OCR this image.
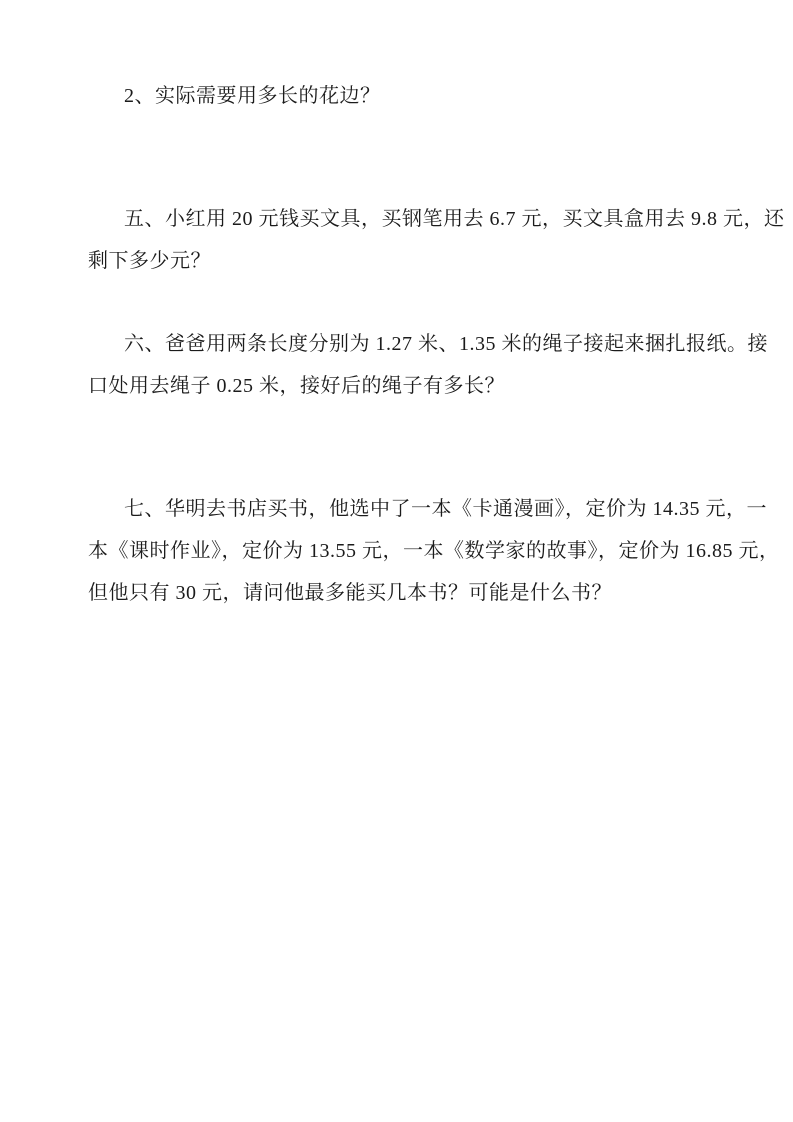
2、实际需要用多长的花边？
五、小红用 20 元钱买文具，买钢笔用去 6.7 元，买文具盒用去 9.8 元，还
剩下多少元？
六、爸爸用两条长度分别为 1.27 米、1.35 米的绳子接起来捆扎报纸。接
口处用去绳子 0.25 米，接好后的绳子有多长？
七、华明去书店买书，他选中了一本《卡通漫画》，定价为 14.35 元，一
本《课时作业》，定价为 13.55 元，一本《数学家的故事》，定价为 16.85 元，
但他只有 30 元，请问他最多能买几本书？可能是什么书？
